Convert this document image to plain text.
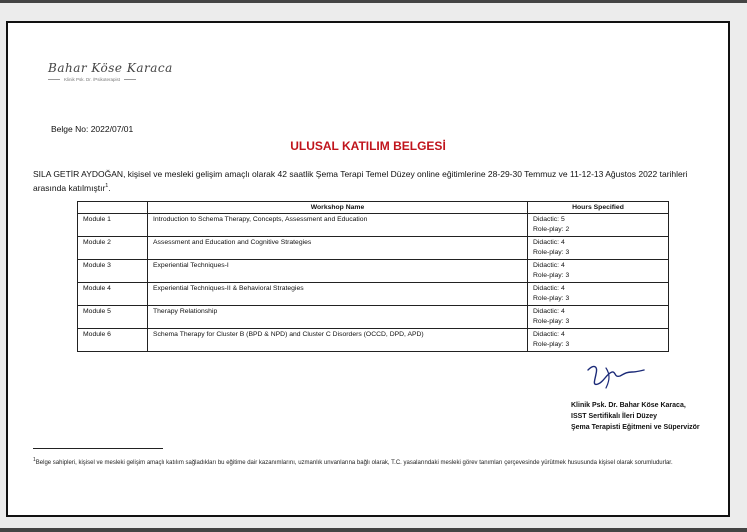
Bahar Köse Karaca
Klinik Psk. Dr. /Psikoterapist
Belge No: 2022/07/01
ULUSAL KATILIM BELGESİ
SILA GETİR AYDOĞAN, kişisel ve mesleki gelişim amaçlı olarak 42 saatlik Şema Terapi Temel Düzey online eğitimlerine 28-29-30 Temmuz ve 11-12-13 Ağustos 2022 tarihleri arasında katılmıştır$^1$.
	Workshop Name	Hours Specified
Module 1	Introduction to Schema Therapy, Concepts, Assessment and Education	Didactic: 5
Role-play: 2

Module 2	Assessment and Education and Cognitive Strategies	Didactic: 4
Role-play: 3

Module 3	Experiential Techniques-I	Didactic: 4
Role-play: 3

Module 4	Experiential Techniques-II & Behavioral Strategies	Didactic: 4
Role-play: 3

Module 5	Therapy Relationship	Didactic: 4
Role-play: 3

Module 6	Schema Therapy for Cluster B (BPD & NPD) and Cluster C Disorders (OCCD, DPD, APD)	Didactic: 4
Role-play: 3
Klinik Psk. Dr. Bahar Köse Karaca,
ISST Sertifikalı İleri Düzey
Şema Terapisti Eğitmeni ve Süpervizör
$^1$Belge sahipleri, kişisel ve mesleki gelişim amaçlı katılım sağladıkları bu eğitime dair kazanımlarını, uzmanlık unvanlarına bağlı olarak, T.C. yasalarındaki mesleki görev tanımları çerçevesinde yürütmek hususunda kişisel olarak sorumludurlar.
